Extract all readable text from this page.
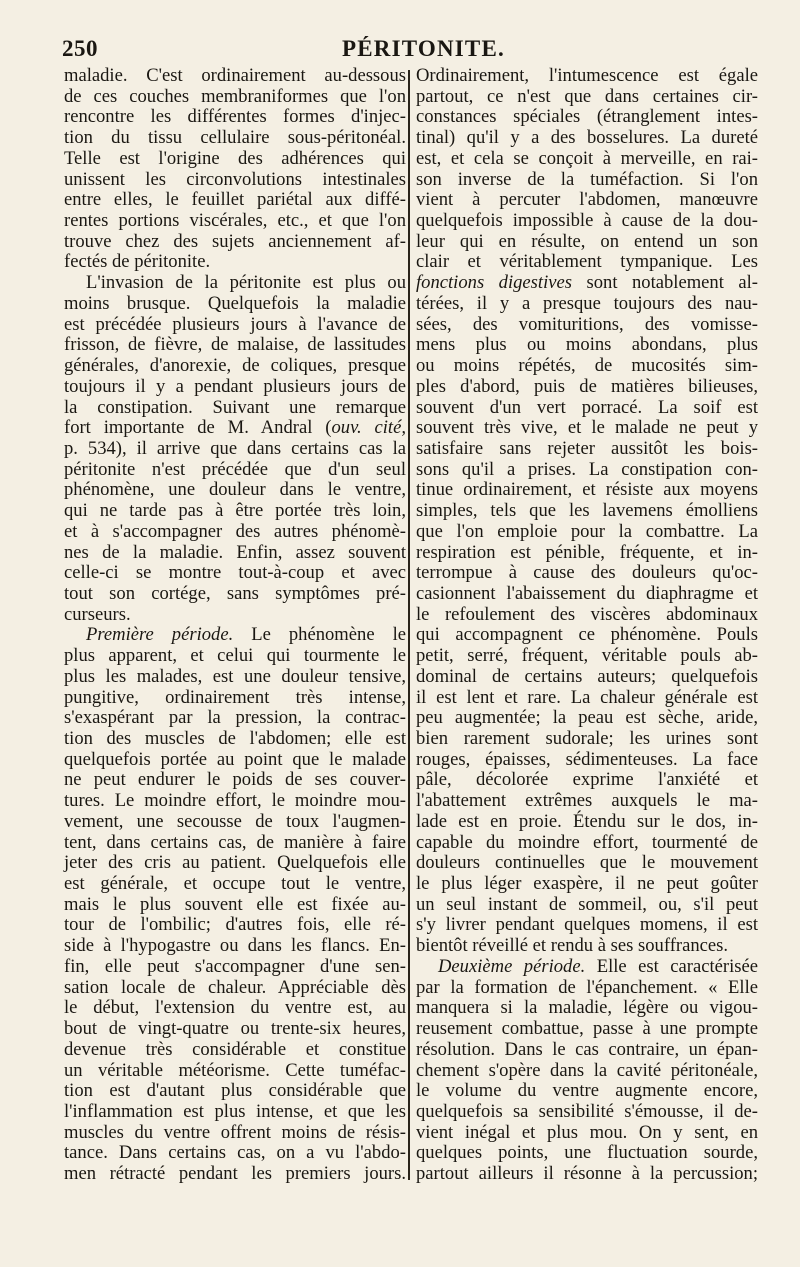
250	PÉRITONITE.
maladie. C'est ordinairement au-dessous
de ces couches membraniformes que l'on
rencontre les différentes formes d'injec-
tion du tissu cellulaire sous-péritonéal.
Telle est l'origine des adhérences qui
unissent les circonvolutions intestinales
entre elles, le feuillet pariétal aux diffé-
rentes portions viscérales, etc., et que l'on
trouve chez des sujets anciennement af-
fectés de péritonite.
L'invasion de la péritonite est plus ou
moins brusque. Quelquefois la maladie
est précédée plusieurs jours à l'avance de
frisson, de fièvre, de malaise, de lassitudes
générales, d'anorexie, de coliques, presque
toujours il y a pendant plusieurs jours de
la constipation. Suivant une remarque
fort importante de M. Andral (ouv. cité,
p. 534), il arrive que dans certains cas la
péritonite n'est précédée que d'un seul
phénomène, une douleur dans le ventre,
qui ne tarde pas à être portée très loin,
et à s'accompagner des autres phénomè-
nes de la maladie. Enfin, assez souvent
celle-ci se montre tout-à-coup et avec
tout son cortége, sans symptômes pré-
curseurs.
Première période. Le phénomène le
plus apparent, et celui qui tourmente le
plus les malades, est une douleur tensive,
pungitive, ordinairement très intense,
s'exaspérant par la pression, la contrac-
tion des muscles de l'abdomen; elle est
quelquefois portée au point que le malade
ne peut endurer le poids de ses couver-
tures. Le moindre effort, le moindre mou-
vement, une secousse de toux l'augmen-
tent, dans certains cas, de manière à faire
jeter des cris au patient. Quelquefois elle
est générale, et occupe tout le ventre,
mais le plus souvent elle est fixée au-
tour de l'ombilic; d'autres fois, elle ré-
side à l'hypogastre ou dans les flancs. En-
fin, elle peut s'accompagner d'une sen-
sation locale de chaleur. Appréciable dès
le début, l'extension du ventre est, au
bout de vingt-quatre ou trente-six heures,
devenue très considérable et constitue
un véritable météorisme. Cette tuméfac-
tion est d'autant plus considérable que
l'inflammation est plus intense, et que les
muscles du ventre offrent moins de résis-
tance. Dans certains cas, on a vu l'abdo-
men rétracté pendant les premiers jours.
Ordinairement, l'intumescence est égale
partout, ce n'est que dans certaines cir-
constances spéciales (étranglement intes-
tinal) qu'il y a des bosselures. La dureté
est, et cela se conçoit à merveille, en rai-
son inverse de la tuméfaction. Si l'on
vient à percuter l'abdomen, manœuvre
quelquefois impossible à cause de la dou-
leur qui en résulte, on entend un son
clair et véritablement tympanique. Les
fonctions digestives sont notablement al-
térées, il y a presque toujours des nau-
sées, des vomituritions, des vomisse-
mens plus ou moins abondans, plus
ou moins répétés, de mucosités sim-
ples d'abord, puis de matières bilieuses,
souvent d'un vert porracé. La soif est
souvent très vive, et le malade ne peut y
satisfaire sans rejeter aussitôt les bois-
sons qu'il a prises. La constipation con-
tinue ordinairement, et résiste aux moyens
simples, tels que les lavemens émolliens
que l'on emploie pour la combattre. La
respiration est pénible, fréquente, et in-
terrompue à cause des douleurs qu'oc-
casionnent l'abaissement du diaphragme et
le refoulement des viscères abdominaux
qui accompagnent ce phénomène. Pouls
petit, serré, fréquent, véritable pouls ab-
dominal de certains auteurs; quelquefois
il est lent et rare. La chaleur générale est
peu augmentée; la peau est sèche, aride,
bien rarement sudorale; les urines sont
rouges, épaisses, sédimenteuses. La face
pâle, décolorée exprime l'anxiété et
l'abattement extrêmes auxquels le ma-
lade est en proie. Étendu sur le dos, in-
capable du moindre effort, tourmenté de
douleurs continuelles que le mouvement
le plus léger exaspère, il ne peut goûter
un seul instant de sommeil, ou, s'il peut
s'y livrer pendant quelques momens, il est
bientôt réveillé et rendu à ses souffrances.
Deuxième période. Elle est caractérisée
par la formation de l'épanchement. « Elle
manquera si la maladie, légère ou vigou-
reusement combattue, passe à une prompte
résolution. Dans le cas contraire, un épan-
chement s'opère dans la cavité péritonéale,
le volume du ventre augmente encore,
quelquefois sa sensibilité s'émousse, il de-
vient inégal et plus mou. On y sent, en
quelques points, une fluctuation sourde,
partout ailleurs il résonne à la percussion;
